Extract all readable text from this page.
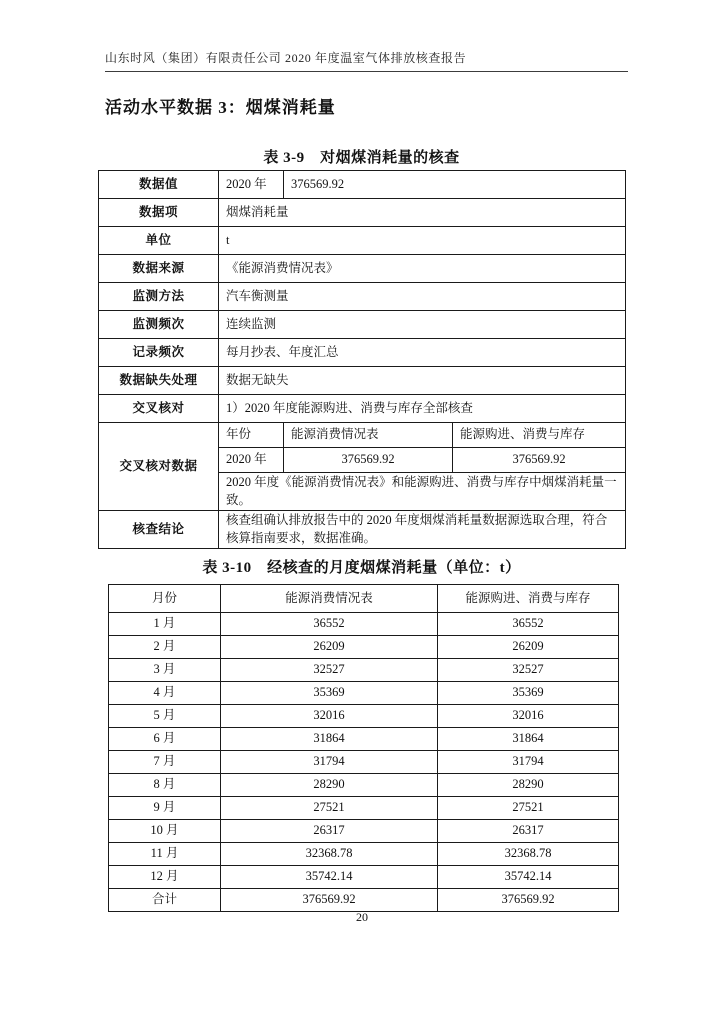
山东时风（集团）有限责任公司 2020 年度温室气体排放核查报告
活动水平数据 3：烟煤消耗量
表 3-9　对烟煤消耗量的核查
数据值	2020 年	376569.92	
数据项	烟煤消耗量		
单位	t		
数据来源	《能源消费情况表》		
监测方法	汽车衡测量		
监测频次	连续监测		
记录频次	每月抄表、年度汇总		
数据缺失处理	数据无缺失		
交叉核对	1）2020 年度能源购进、消费与库存全部核查		
交叉核对数据	年份	能源消费情况表	能源购进、消费与库存
	2020 年	376569.92	376569.92
	2020 年度《能源消费情况表》和能源购进、消费与库存中烟煤消耗量一致。		
核查结论	核查组确认排放报告中的 2020 年度烟煤消耗量数据源选取合理，符合核算指南要求，数据准确。		
表 3-10　经核查的月度烟煤消耗量（单位：t）
月份	能源消费情况表	能源购进、消费与库存
1 月	36552	36552
2 月	26209	26209
3 月	32527	32527
4 月	35369	35369
5 月	32016	32016
6 月	31864	31864
7 月	31794	31794
8 月	28290	28290
9 月	27521	27521
10 月	26317	26317
11 月	32368.78	32368.78
12 月	35742.14	35742.14
合计	376569.92	376569.92
20
